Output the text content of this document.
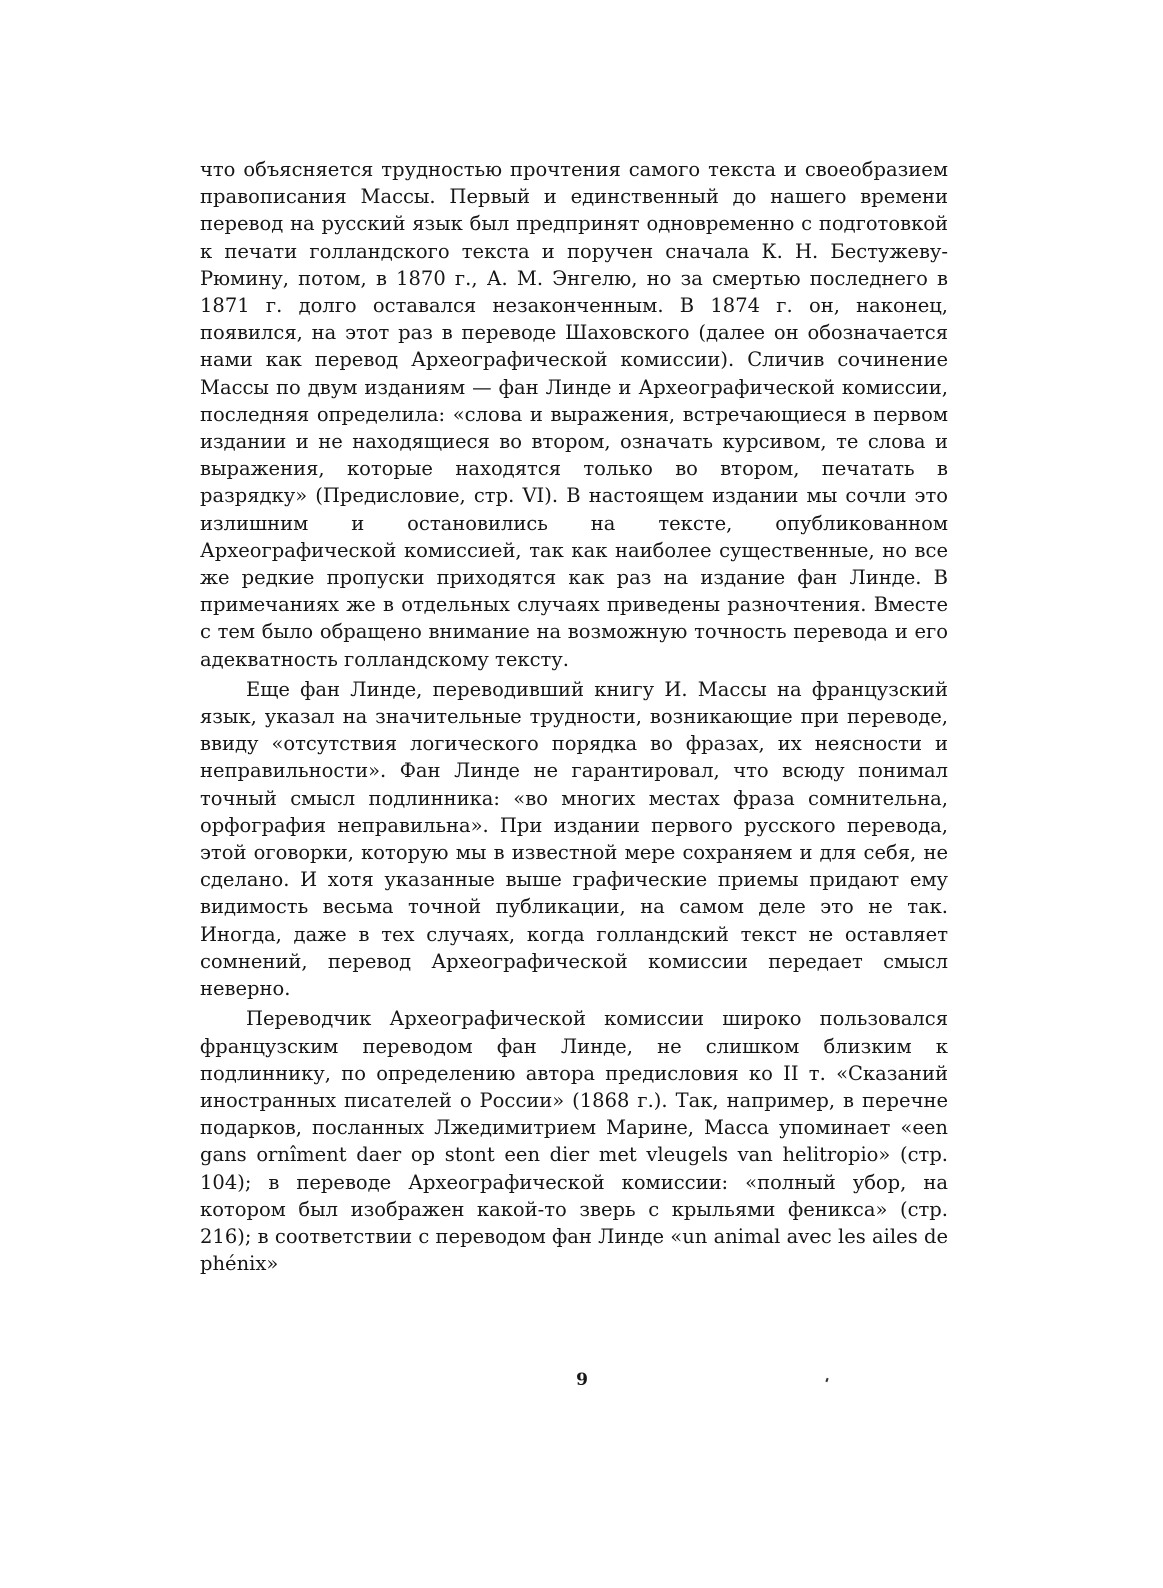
что объясняется трудностью прочтения самого текста и своеобразием правописания Массы. Первый и единственный до нашего времени перевод на русский язык был предпринят одновременно с подготовкой к печати голландского текста и поручен сначала К. Н. Бестужеву-Рюмину, потом, в 1870 г., А. М. Энгелю, но за смертью последнего в 1871 г. долго оставался незаконченным. В 1874 г. он, наконец, появился, на этот раз в переводе Шаховского (далее он обозначается нами как перевод Археографической комиссии). Сличив сочинение Массы по двум изданиям — фан Линде и Археографической комиссии, последняя определила: «слова и выражения, встречающиеся в первом издании и не находящиеся во втором, означать курсивом, те слова и выражения, которые находятся только во втором, печатать в разрядку» (Предисловие, стр. VI). В настоящем издании мы сочли это излишним и остановились на тексте, опубликованном Археографической комиссией, так как наиболее существенные, но все же редкие пропуски приходятся как раз на издание фан Линде. В примечаниях же в отдельных случаях приведены разночтения. Вместе с тем было обращено внимание на возможную точность перевода и его адекватность голландскому тексту.

Еще фан Линде, переводивший книгу И. Массы на французский язык, указал на значительные трудности, возникающие при переводе, ввиду «отсутствия логического порядка во фразах, их неясности и неправильности». Фан Линде не гарантировал, что всюду понимал точный смысл подлинника: «во многих местах фраза сомнительна, орфография неправильна». При издании первого русского перевода, этой оговорки, которую мы в известной мере сохраняем и для себя, не сделано. И хотя указанные выше графические приемы придают ему видимость весьма точной публикации, на самом деле это не так. Иногда, даже в тех случаях, когда голландский текст не оставляет сомнений, перевод Археографической комиссии передает смысл неверно.

Переводчик Археографической комиссии широко пользовался французским переводом фан Линде, не слишком близким к подлиннику, по определению автора предисловия ко II т. «Сказаний иностранных писателей о России» (1868 г.). Так, например, в перечне подарков, посланных Лжедимитрием Марине, Масса упоминает «een gans ornîment daer op stont een dier met vleugels van helitropio» (стр. 104); в переводе Археографической комиссии: «полный убор, на котором был изображен какой-то зверь с крыльями феникса» (стр. 216); в соответствии с переводом фан Линде «un animal avec les ailes de phénix»

9
